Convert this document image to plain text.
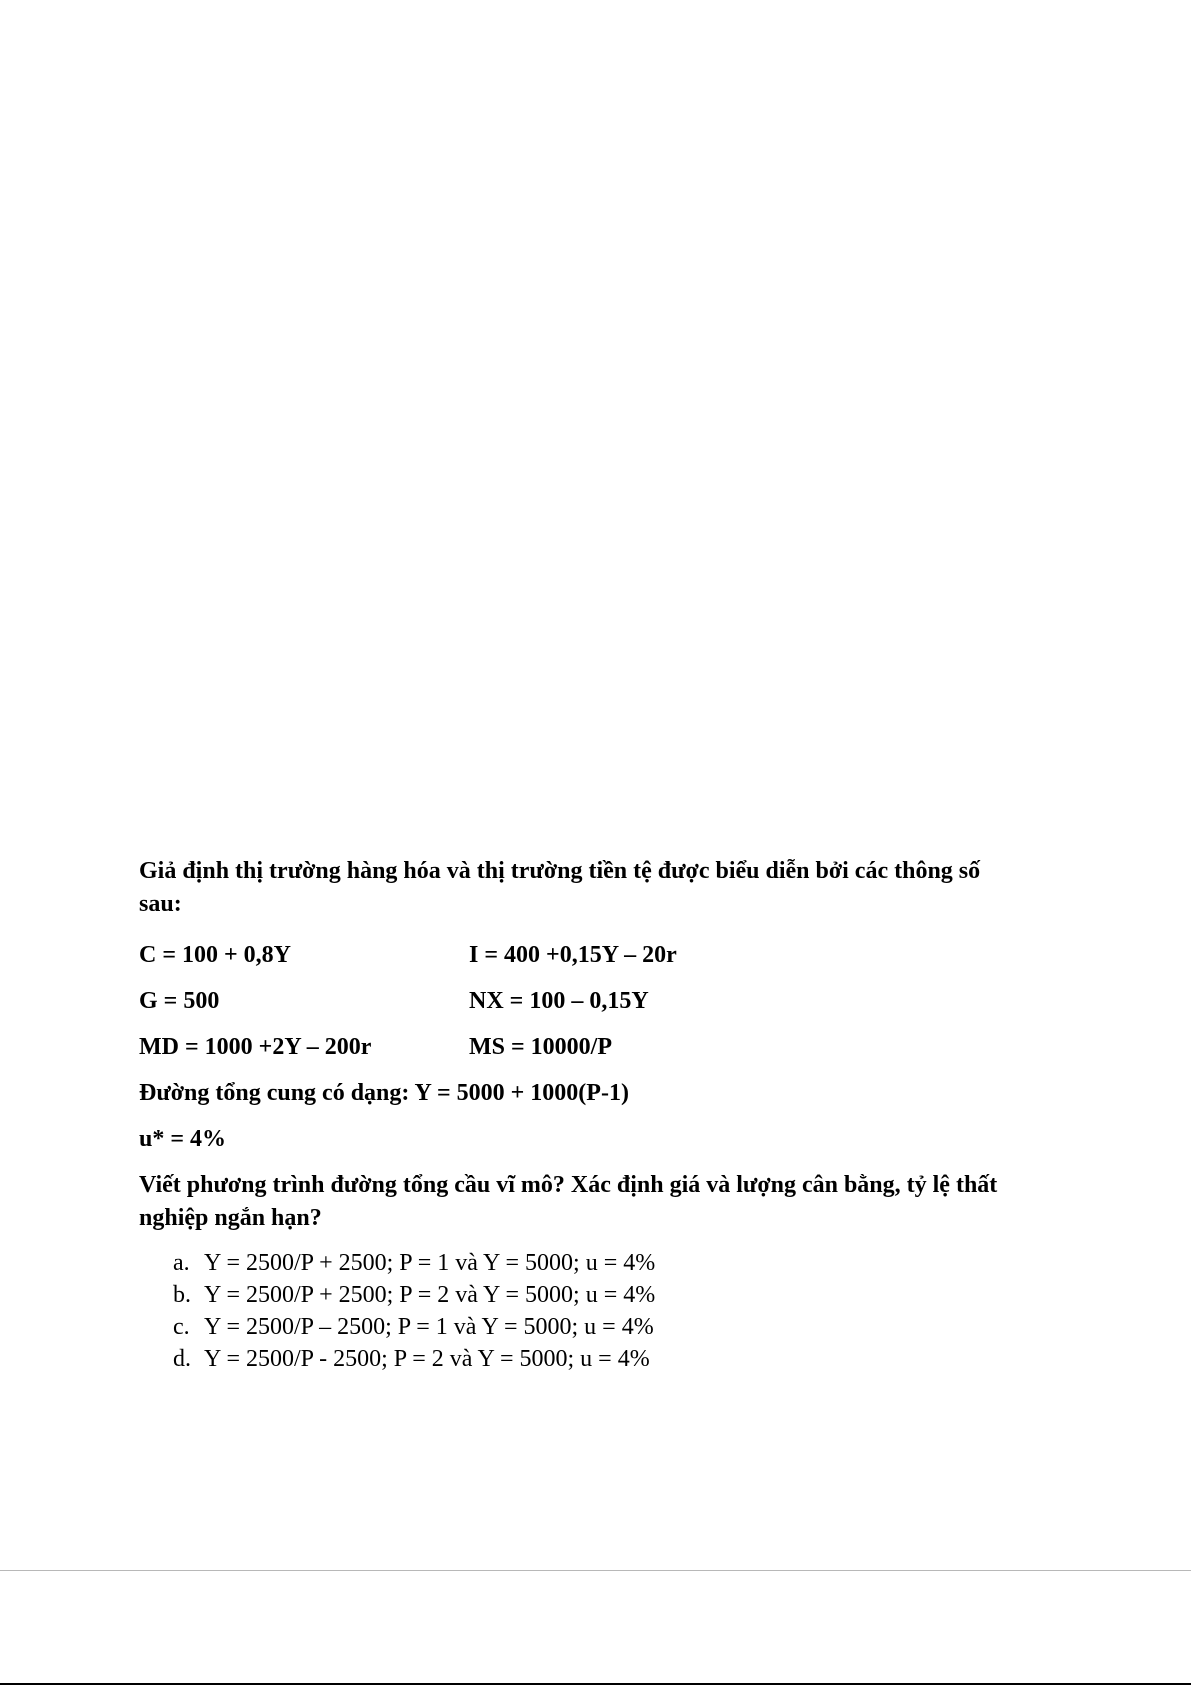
Giả định thị trường hàng hóa và thị trường tiền tệ được biểu diễn bởi các thông số sau:

C = 100 + 0,8Y	I = 400 +0,15Y – 20r
G = 500	NX = 100 – 0,15Y
MD = 1000 +2Y – 200r	MS = 10000/P
Đường tổng cung có dạng: Y = 5000 + 1000(P-1)
u* = 4%

Viết phương trình đường tổng cầu vĩ mô? Xác định giá và lượng cân bằng, tỷ lệ thất nghiệp ngắn hạn?

a. Y = 2500/P + 2500; P = 1 và Y = 5000; u = 4%
b. Y = 2500/P + 2500; P = 2 và Y = 5000; u = 4%
c. Y = 2500/P – 2500; P = 1 và Y = 5000; u = 4%
d. Y = 2500/P - 2500; P = 2 và Y = 5000; u = 4%
